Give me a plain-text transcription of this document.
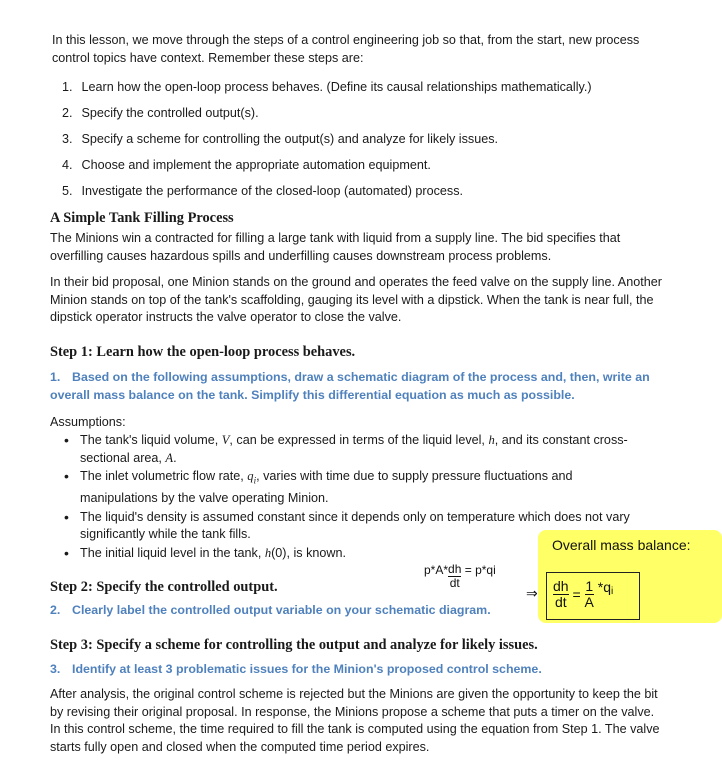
In this lesson, we move through the steps of a control engineering job so that, from the start, new process control topics have context. Remember these steps are:
1. Learn how the open-loop process behaves. (Define its causal relationships mathematically.)
2. Specify the controlled output(s).
3. Specify a scheme for controlling the output(s) and analyze for likely issues.
4. Choose and implement the appropriate automation equipment.
5. Investigate the performance of the closed-loop (automated) process.
A Simple Tank Filling Process
The Minions win a contracted for filling a large tank with liquid from a supply line. The bid specifies that overfilling causes hazardous spills and underfilling causes downstream process problems.
In their bid proposal, one Minion stands on the ground and operates the feed valve on the supply line. Another Minion stands on top of the tank's scaffolding, gauging its level with a dipstick. When the tank is near full, the dipstick operator instructs the valve operator to close the valve.
Step 1: Learn how the open-loop process behaves.
1. Based on the following assumptions, draw a schematic diagram of the process and, then, write an overall mass balance on the tank. Simplify this differential equation as much as possible.
Assumptions:
• The tank's liquid volume, V, can be expressed in terms of the liquid level, h, and its constant cross-sectional area, A.
• The inlet volumetric flow rate, $q_i$, varies with time due to supply pressure fluctuations and manipulations by the valve operating Minion.
• The liquid's density is assumed constant since it depends only on temperature which does not vary significantly while the tank fills.
• The initial liquid level in the tank, h(0), is known.	Overall mass balance:
$p*A* \frac{dh}{dt} = p*qi$
⇒ $\frac{dh}{dt} = \frac{1}{A} *q_i$
Step 2: Specify the controlled output.
2. Clearly label the controlled output variable on your schematic diagram.
Step 3: Specify a scheme for controlling the output and analyze for likely issues.
3. Identify at least 3 problematic issues for the Minion's proposed control scheme.
After analysis, the original control scheme is rejected but the Minions are given the opportunity to keep the bit by revising their original proposal. In response, the Minions propose a scheme that puts a timer on the valve. In this control scheme, the time required to fill the tank is computed using the equation from Step 1. The valve starts fully open and closed when the computed time period expires.
